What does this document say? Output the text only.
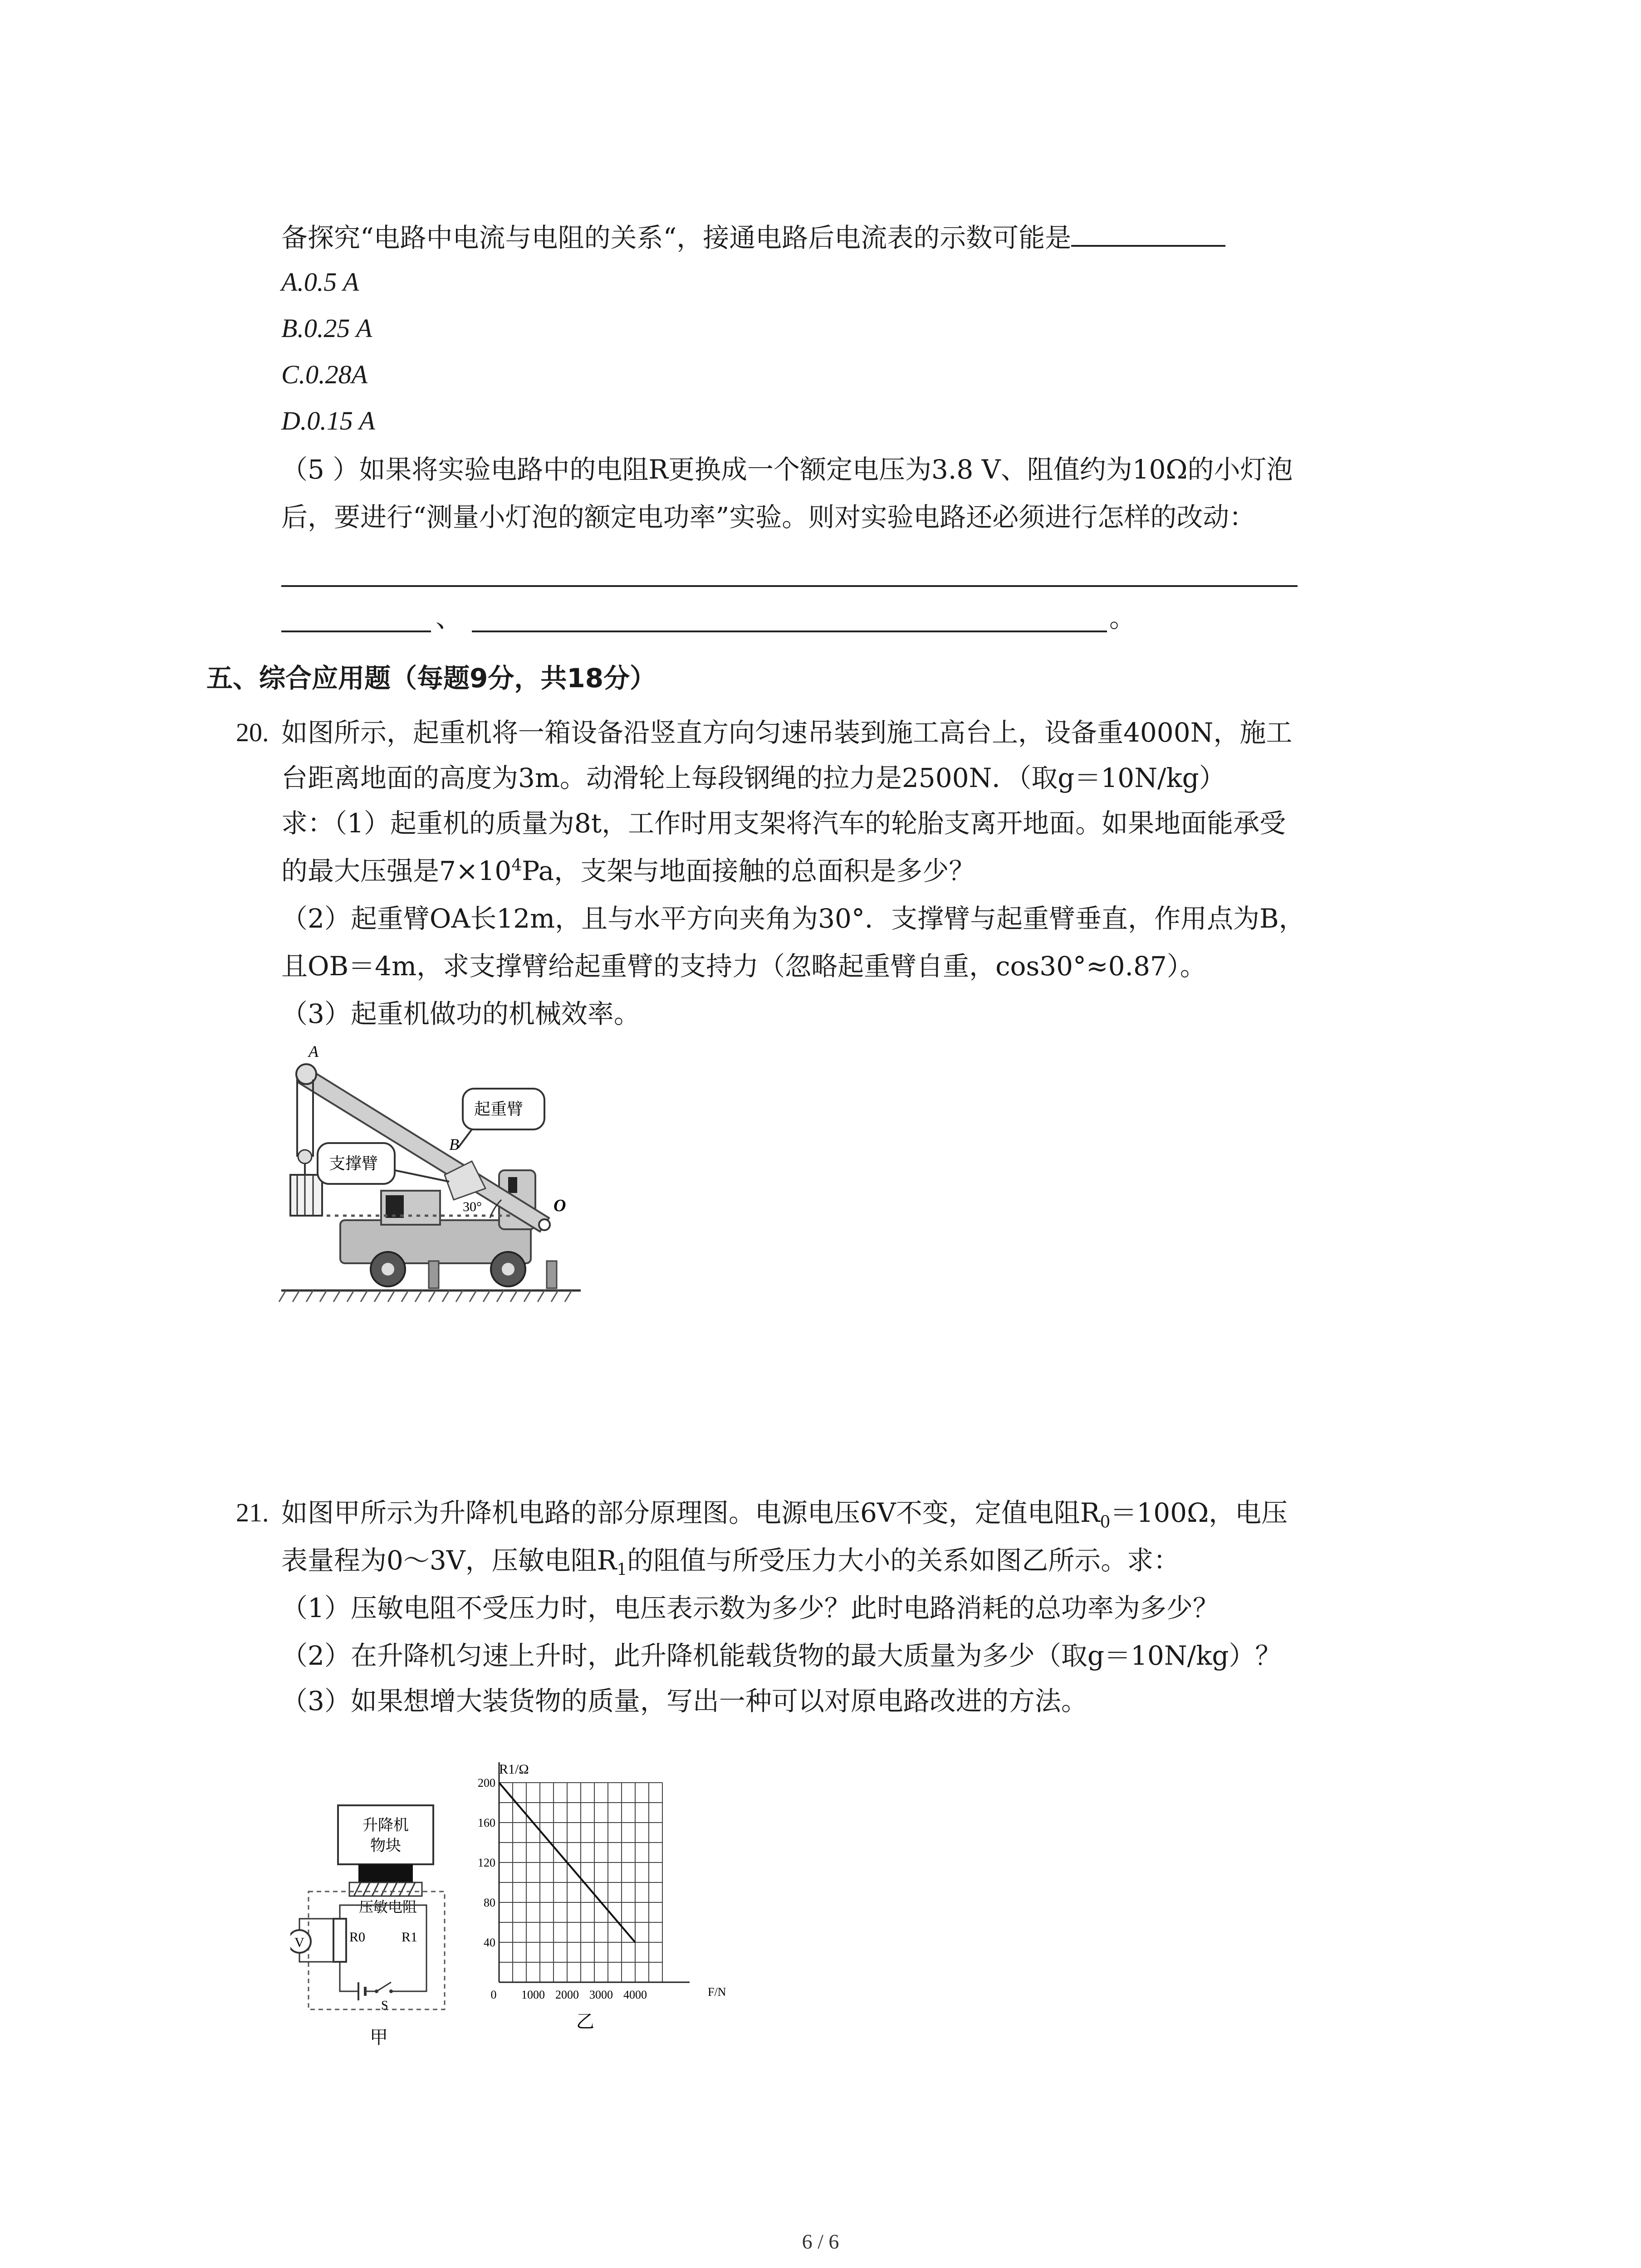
备探究“电路中电流与电阻的关系“，接通电路后电流表的示数可能是
A.0.5 A
B.0.25 A
C.0.28A
D.0.15 A
（5 ）如果将实验电路中的电阻R更换成一个额定电压为3.8 V、阻值约为10Ω的小灯泡
后，要进行“测量小灯泡的额定电功率”实验。则对实验电路还必须进行怎样的改动：
、	。
五、综合应用题（每题9分，共18分）
20. 如图所示，起重机将一箱设备沿竖直方向匀速吊装到施工高台上，设备重4000N，施工
台距离地面的高度为3m。动滑轮上每段钢绳的拉力是2500N．（取g＝10N/kg）
求：（1）起重机的质量为8t，工作时用支架将汽车的轮胎支离开地面。如果地面能承受
的最大压强是$7\times 10^4Pa$，支架与地面接触的总面积是多少？
（2）起重臂OA长12m，且与水平方向夹角为30°．支撑臂与起重臂垂直，作用点为B，
且OB＝4m，求支撑臂给起重臂的支持力（忽略起重臂自重，cos30°≈0.87）。
（3）起重机做功的机械效率。
A
B
O
起重臂
支撑臂
30°
21. 如图甲所示为升降机电路的部分原理图。电源电压6V不变，定值电阻$R_0=100\Omega$，电压
表量程为0～3V，压敏电阻$R_1$的阻值与所受压力大小的关系如图乙所示。求：
（1）压敏电阻不受压力时，电压表示数为多少？此时电路消耗的总功率为多少？
（2）在升降机匀速上升时，此升降机能载货物的最大质量为多少（取g＝10N/kg）？
（3）如果想增大装货物的质量，写出一种可以对原电路改进的方法。
升降机
物块
压敏电阻
R0	R1
S
V
甲
R1/Ω
F/N
乙
200
160
120
80
40
0 1000 2000 3000 4000
6 / 6
